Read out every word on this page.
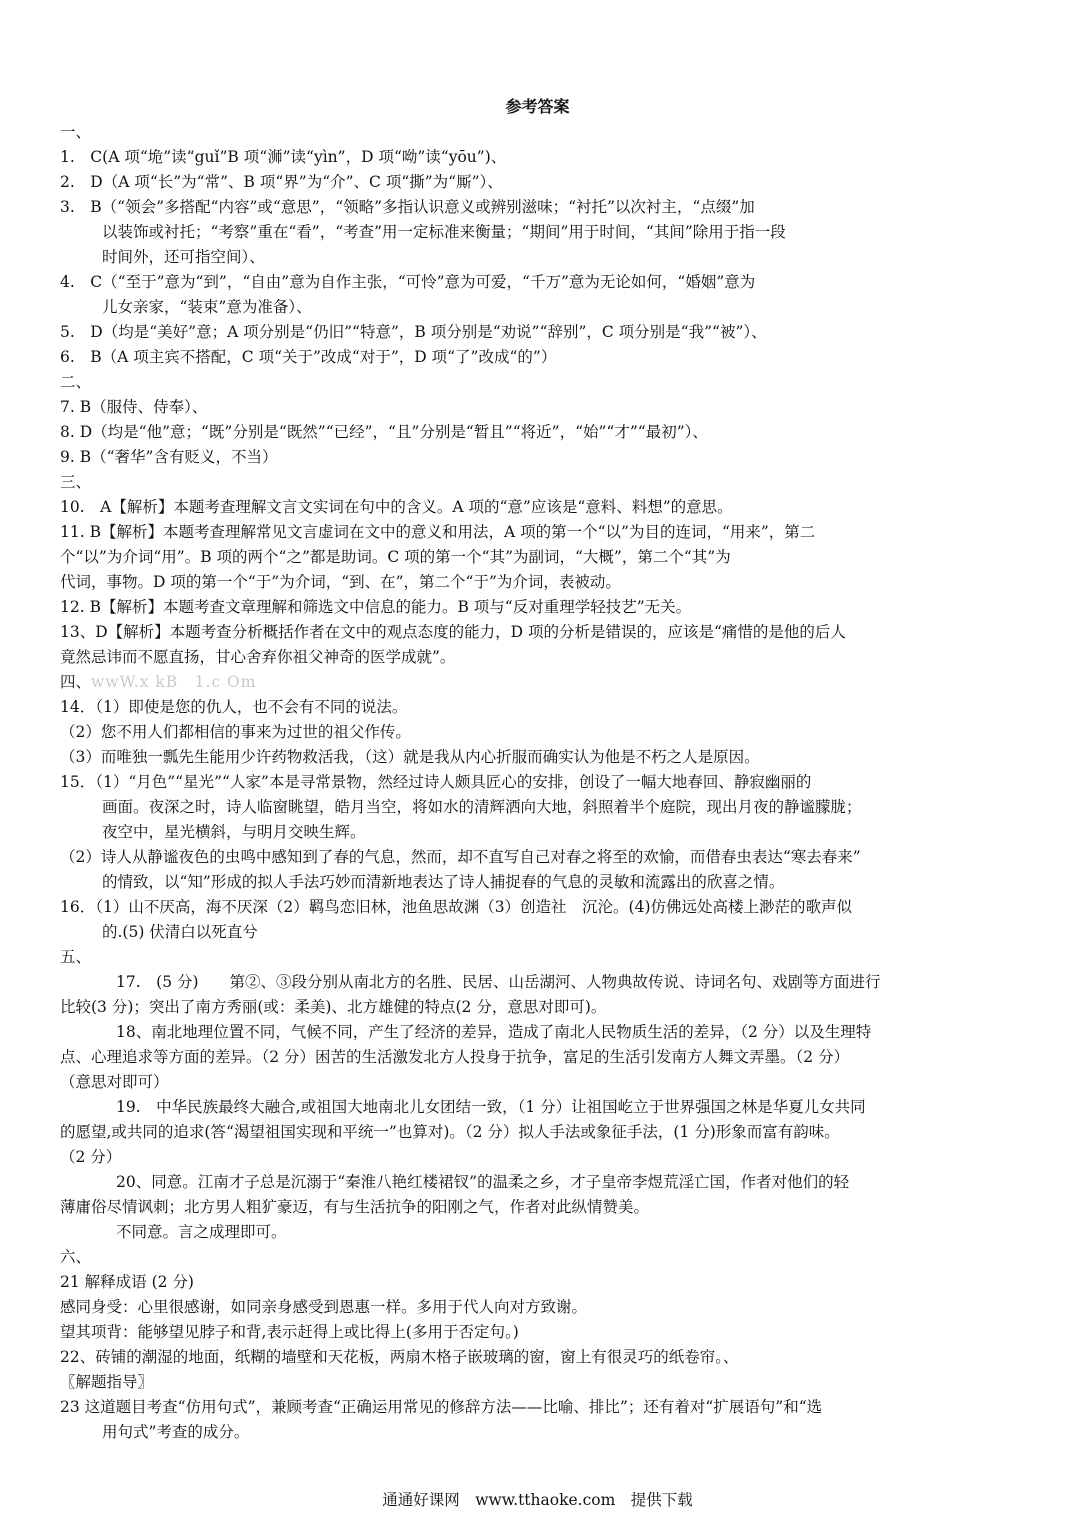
参考答案
一、
1.　C(A 项“垝”读“guǐ”B 项“浉”读“yìn”，D 项“呦”读“yōu”)、
2.　D（A 项“长”为“常”、B 项“界”为“介”、C 项“撕”为“厮”）、
3.　B（“领会”多搭配“内容”或“意思”，“领略”多指认识意义或辨别滋味；“衬托”以次衬主，“点缀”加
以装饰或衬托；“考察”重在“看”，“考查”用一定标准来衡量；“期间”用于时间，“其间”除用于指一段
时间外，还可指空间）、
4.　C（“至于”意为“到”，“自由”意为自作主张，“可怜”意为可爱，“千万”意为无论如何，“婚姻”意为
儿女亲家，“装束”意为准备）、
5.　D（均是“美好”意；A 项分别是“仍旧”“特意”，B 项分别是“劝说”“辞别”，C 项分别是“我”“被”）、
6.　B（A 项主宾不搭配，C 项“关于”改成“对于”，D 项“了”改成“的”）
二、
7. B（服侍、侍奉）、
8. D（均是“他”意；“既”分别是“既然”“已经”，“且”分别是“暂且”“将近”，“始”“才”“最初”）、
9. B（“奢华”含有贬义，不当）
三、
10.　A【解析】本题考查理解文言文实词在句中的含义。A 项的“意”应该是“意料、料想”的意思。
11. B【解析】本题考查理解常见文言虚词在文中的意义和用法，A 项的第一个“以”为目的连词，“用来”，第二
个“以”为介词“用”。B 项的两个“之”都是助词。C 项的第一个“其”为副词，“大概”，第二个“其”为
代词，事物。D 项的第一个“于”为介词，“到、在”，第二个“于”为介词，表被动。
12. B【解析】本题考查文章理解和筛选文中信息的能力。B 项与“反对重理学轻技艺”无关。
13、D【解析】本题考查分析概括作者在文中的观点态度的能力，D 项的分析是错误的，应该是“痛惜的是他的后人
竟然忌讳而不愿直扬，甘心舍弃你祖父神奇的医学成就”。
四、wwW.x kB　1.c Om
14．（1）即使是您的仇人，也不会有不同的说法。
（2）您不用人们都相信的事来为过世的祖父作传。
（3）而唯独一瓢先生能用少许药物救活我，（这）就是我从内心折服而确实认为他是不朽之人是原因。
15．（1）“月色”“星光”“人家”本是寻常景物，然经过诗人颇具匠心的安排，创设了一幅大地春回、静寂幽丽的
画面。夜深之时，诗人临窗眺望，皓月当空，将如水的清辉洒向大地，斜照着半个庭院，现出月夜的静谧朦胧；
夜空中，星光横斜，与明月交映生辉。
（2）诗人从静谧夜色的虫鸣中感知到了春的气息，然而，却不直写自己对春之将至的欢愉，而借春虫表达“寒去春来”
的情致，以“知”形成的拟人手法巧妙而清新地表达了诗人捕捉春的气息的灵敏和流露出的欣喜之情。
16．（1）山不厌高，海不厌深（2）羁鸟恋旧林，池鱼思故渊（3）创造社　沉沦。(4)仿佛远处高楼上渺茫的歌声似
的.(5) 伏清白以死直兮
五、
17.　(5 分)　　第②、③段分别从南北方的名胜、民居、山岳湖河、人物典故传说、诗词名句、戏剧等方面进行
比较(3 分)；突出了南方秀丽(或：柔美)、北方雄健的特点(2 分，意思对即可)。
18、南北地理位置不同，气候不同，产生了经济的差异，造成了南北人民物质生活的差异，（2 分）以及生理特
点、心理追求等方面的差异。（2 分）困苦的生活激发北方人投身于抗争，富足的生活引发南方人舞文弄墨。（2 分）
（意思对即可）
19.　中华民族最终大融合,或祖国大地南北儿女团结一致，（1 分）让祖国屹立于世界强国之林是华夏儿女共同
的愿望,或共同的追求(答“渴望祖国实现和平统一”也算对)。（2 分）拟人手法或象征手法，(1 分)形象而富有韵味。
（2 分）
20、同意。江南才子总是沉溺于“秦淮八艳红楼裙钗”的温柔之乡，才子皇帝李煜荒淫亡国，作者对他们的轻
薄庸俗尽情讽刺；北方男人粗犷豪迈，有与生活抗争的阳刚之气，作者对此纵情赞美。
不同意。言之成理即可。
六、
21 解释成语 (2 分)
感同身受：心里很感谢，如同亲身感受到恩惠一样。多用于代人向对方致谢。
望其项背：能够望见脖子和背,表示赶得上或比得上(多用于否定句。)
22、砖铺的潮湿的地面，纸糊的墙壁和天花板，两扇木格子嵌玻璃的窗，窗上有很灵巧的纸卷帘。、
〖解题指导〗
23 这道题目考查“仿用句式”，兼顾考查“正确运用常见的修辞方法——比喻、排比”；还有着对“扩展语句”和“选
用句式”考查的成分。
通通好课网　www.tthaoke.com　提供下载
